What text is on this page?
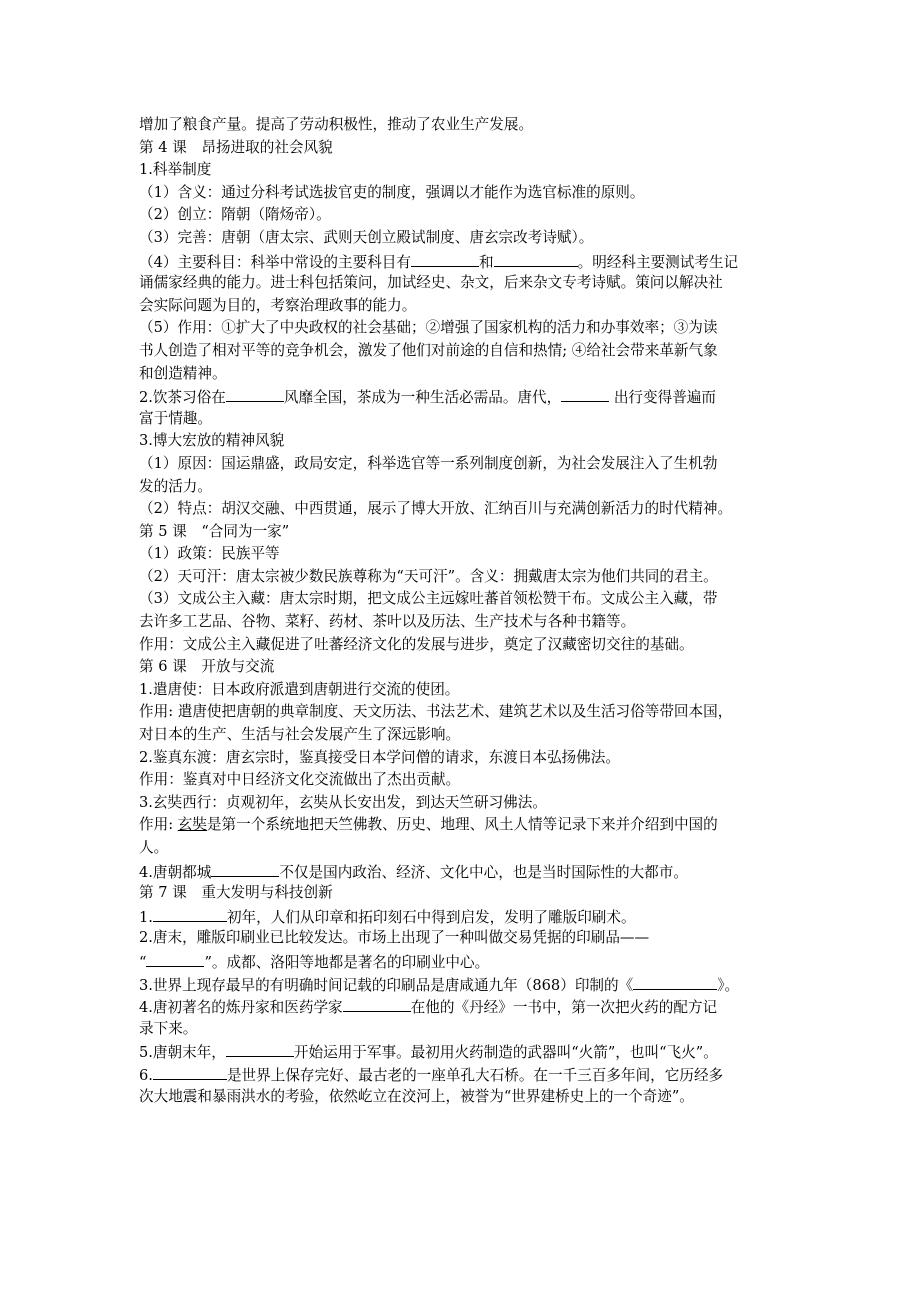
增加了粮食产量。提高了劳动积极性，推动了农业生产发展。
第 4 课　昂扬进取的社会风貌
1.科举制度
（1）含义：通过分科考试选拔官吏的制度，强调以才能作为选官标准的原则。
（2）创立：隋朝（隋炀帝）。
（3）完善：唐朝（唐太宗、武则天创立殿试制度、唐玄宗改考诗赋）。
（4）主要科目：科举中常设的主要科目有	和	。明经科主要测试考生记
诵儒家经典的能力。进士科包括策问，加试经史、杂文，后来杂文专考诗赋。策问以解决社
会实际问题为目的，考察治理政事的能力。
（5）作用：①扩大了中央政权的社会基础；②增强了国家机构的活力和办事效率；③为读
书人创造了相对平等的竞争机会，激发了他们对前途的自信和热情; ④给社会带来革新气象
和创造精神。
2.饮茶习俗在	风靡全国，茶成为一种生活必需品。唐代，	出行变得普遍而
富于情趣。
3.博大宏放的精神风貌
（1）原因：国运鼎盛，政局安定，科举选官等一系列制度创新，为社会发展注入了生机勃
发的活力。
（2）特点：胡汉交融、中西贯通，展示了博大开放、汇纳百川与充满创新活力的时代精神。
第 5 课　“合同为一家”
（1）政策：民族平等
（2）天可汗：唐太宗被少数民族尊称为“天可汗”。含义：拥戴唐太宗为他们共同的君主。
（3）文成公主入藏：唐太宗时期，把文成公主远嫁吐蕃首领松赞干布。文成公主入藏，带
去许多工艺品、谷物、菜籽、药材、茶叶以及历法、生产技术与各种书籍等。
作用：文成公主入藏促进了吐蕃经济文化的发展与进步，奠定了汉藏密切交往的基础。
第 6 课　开放与交流
1.遣唐使：日本政府派遣到唐朝进行交流的使团。
作用: 遣唐使把唐朝的典章制度、天文历法、书法艺术、建筑艺术以及生活习俗等带回本国，
对日本的生产、生活与社会发展产生了深远影响。
2.鉴真东渡：唐玄宗时，鉴真接受日本学问僧的请求，东渡日本弘扬佛法。
作用：鉴真对中日经济文化交流做出了杰出贡献。
3.玄奘西行：贞观初年，玄奘从长安出发，到达天竺研习佛法。
作用: 玄奘是第一个系统地把天竺佛教、历史、地理、风土人情等记录下来并介绍到中国的
人。
4.唐朝都城	不仅是国内政治、经济、文化中心，也是当时国际性的大都市。
第 7 课　重大发明与科技创新
1.	初年，人们从印章和拓印刻石中得到启发，发明了雕版印刷术。
2.唐末，雕版印刷业已比较发达。市场上出现了一种叫做交易凭据的印刷品——
“	”。成都、洛阳等地都是著名的印刷业中心。
3.世界上现存最早的有明确时间记载的印刷品是唐咸通九年（868）印制的《	》。
4.唐初著名的炼丹家和医药学家	在他的《丹经》一书中，第一次把火药的配方记
录下来。
5.唐朝末年，	开始运用于军事。最初用火药制造的武器叫“火箭”，也叫“飞火”。
6.	是世界上保存完好、最古老的一座单孔大石桥。在一千三百多年间，它历经多
次大地震和暴雨洪水的考验，依然屹立在洨河上，被誉为“世界建桥史上的一个奇迹”。
